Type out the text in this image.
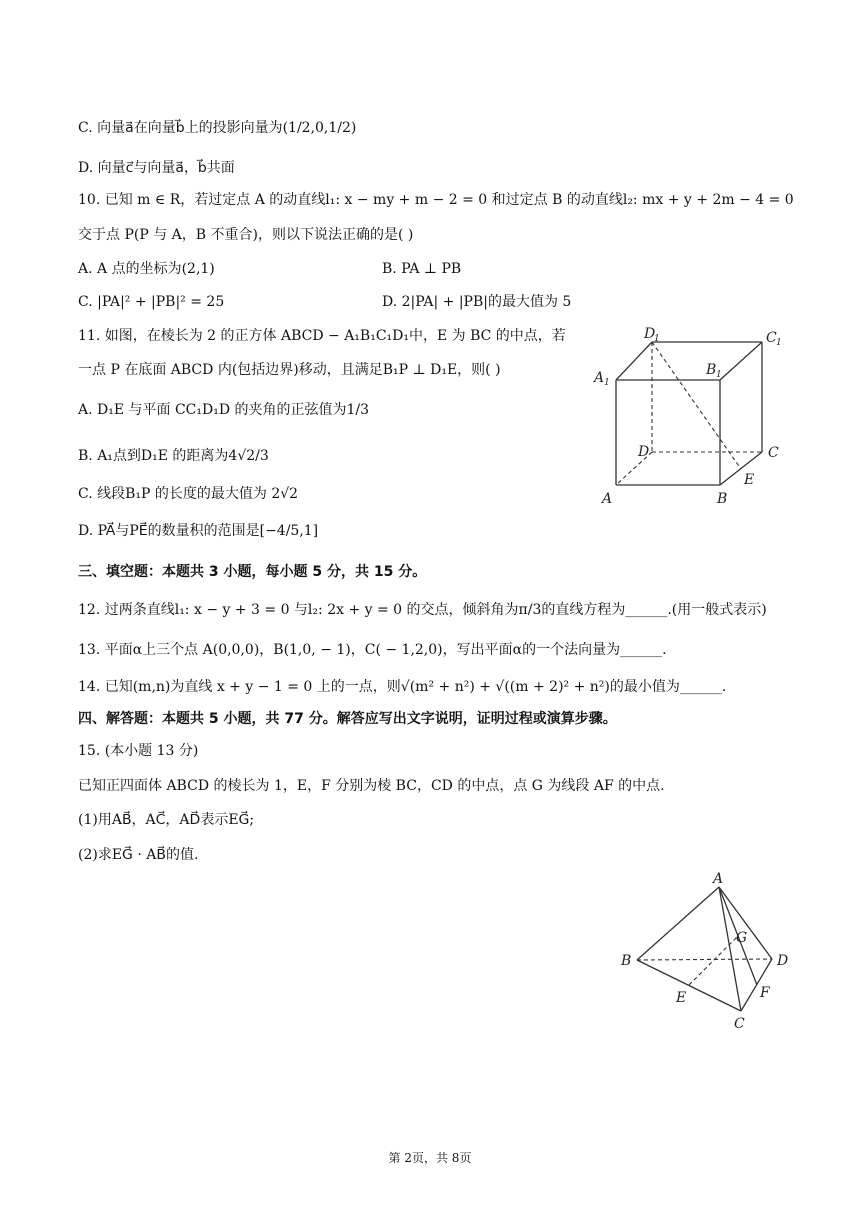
C. 向量a⃗在向量b⃗上的投影向量为(1/2,0,1/2)
D. 向量c⃗与向量a⃗，b⃗共面
10. 已知 m ∈ R，若过定点 A 的动直线l₁: x − my + m − 2 = 0 和过定点 B 的动直线l₂: mx + y + 2m − 4 = 0
交于点 P(P 与 A，B 不重合)，则以下说法正确的是( )
A. A 点的坐标为(2,1)	B. PA ⊥ PB
C. |PA|² + |PB|² = 25	D. 2|PA| + |PB|的最大值为 5
11. 如图，在棱长为 2 的正方体 ABCD − A₁B₁C₁D₁中，E 为 BC 的中点，若
一点 P 在底面 ABCD 内(包括边界)移动，且满足B₁P ⊥ D₁E，则( )
A. D₁E 与平面 CC₁D₁D 的夹角的正弦值为1/3
B. A₁点到D₁E 的距离为4√2/3
C. 线段B₁P 的长度的最大值为 2√2
D. PA⃗与PE⃗的数量积的范围是[−4/5,1]
三、填空题：本题共 3 小题，每小题 5 分，共 15 分。
12. 过两条直线l₁: x − y + 3 = 0 与l₂: 2x + y = 0 的交点，倾斜角为π/3的直线方程为______.(用一般式表示)
13. 平面α上三个点 A(0,0,0)，B(1,0, − 1)，C( − 1,2,0)，写出平面α的一个法向量为______.
14. 已知(m,n)为直线 x + y − 1 = 0 上的一点，则√(m² + n²) + √((m + 2)² + n²)的最小值为______.
四、解答题：本题共 5 小题，共 77 分。解答应写出文字说明，证明过程或演算步骤。
15. (本小题 13 分)
已知正四面体 ABCD 的棱长为 1，E，F 分别为棱 BC，CD 的中点，点 G 为线段 AF 的中点.
(1)用AB⃗，AC⃗，AD⃗表示EG⃗;
(2)求EG⃗ · AB⃗的值.
D
1	C 1
A 1
B 1
D	C
E
A	B
A
G
B	D
F
E
C
第 2页，共 8页
